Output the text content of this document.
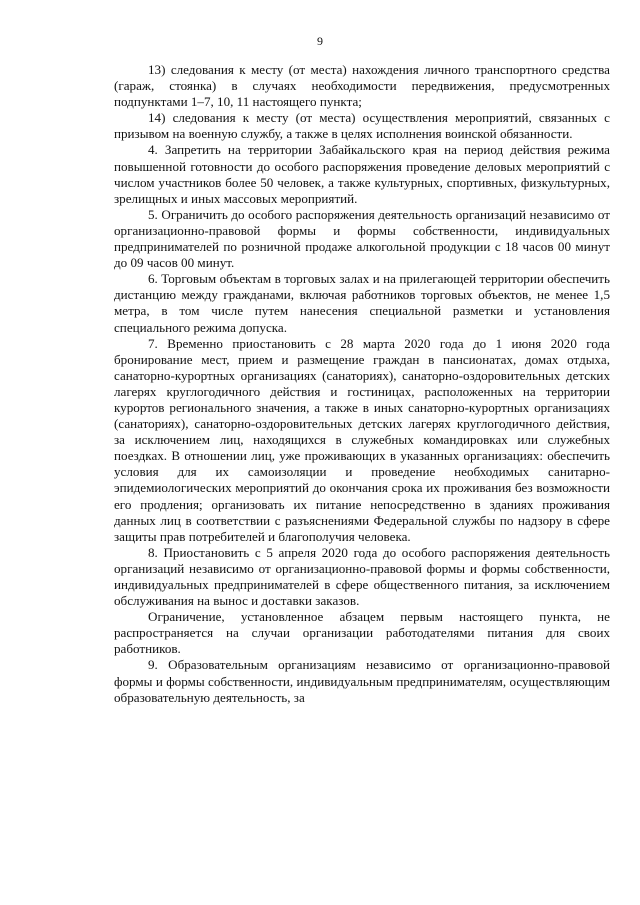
9

13) следования к месту (от места) нахождения личного транспортного средства (гараж, стоянка) в случаях необходимости передвижения, предусмотренных подпунктами 1–7, 10, 11 настоящего пункта;

14) следования к месту (от места) осуществления мероприятий, связанных с призывом на военную службу, а также в целях исполнения воинской обязанности.

4. Запретить на территории Забайкальского края на период действия режима повышенной готовности до особого распоряжения проведение деловых мероприятий с числом участников более 50 человек, а также культурных, спортивных, физкультурных, зрелищных и иных массовых мероприятий.

5. Ограничить до особого распоряжения деятельность организаций независимо от организационно-правовой формы и формы собственности, индивидуальных предпринимателей по розничной продаже алкогольной продукции с 18 часов 00 минут до 09 часов 00 минут.

6. Торговым объектам в торговых залах и на прилегающей территории обеспечить дистанцию между гражданами, включая работников торговых объектов, не менее 1,5 метра, в том числе путем нанесения специальной разметки и установления специального режима допуска.

7. Временно приостановить с 28 марта 2020 года до 1 июня 2020 года бронирование мест, прием и размещение граждан в пансионатах, домах отдыха, санаторно-курортных организациях (санаториях), санаторно-оздоровительных детских лагерях круглогодичного действия и гостиницах, расположенных на территории курортов регионального значения, а также в иных санаторно-курортных организациях (санаториях), санаторно-оздоровительных детских лагерях круглогодичного действия, за исключением лиц, находящихся в служебных командировках или служебных поездках. В отношении лиц, уже проживающих в указанных организациях: обеспечить условия для их самоизоляции и проведение необходимых санитарно-эпидемиологических мероприятий до окончания срока их проживания без возможности его продления; организовать их питание непосредственно в зданиях проживания данных лиц в соответствии с разъяснениями Федеральной службы по надзору в сфере защиты прав потребителей и благополучия человека.

8. Приостановить с 5 апреля 2020 года до особого распоряжения деятельность организаций независимо от организационно-правовой формы и формы собственности, индивидуальных предпринимателей в сфере общественного питания, за исключением обслуживания на вынос и доставки заказов.

Ограничение, установленное абзацем первым настоящего пункта, не распространяется на случаи организации работодателями питания для своих работников.

9. Образовательным организациям независимо от организационно-правовой формы и формы собственности, индивидуальным предпринимателям, осуществляющим образовательную деятельность, за
